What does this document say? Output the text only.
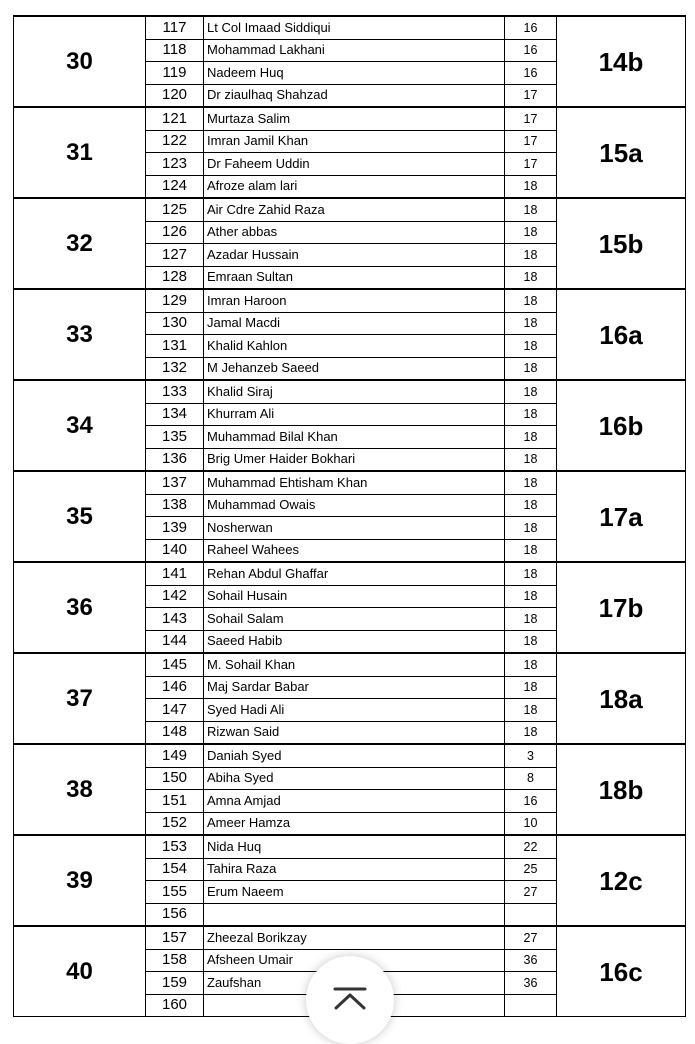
30	117	Lt Col Imaad Siddiqui	16	14b
	118	Mohammad Lakhani	16	
	119	Nadeem Huq	16	
	120	Dr ziaulhaq Shahzad	17	
31	121	Murtaza Salim	17	15a
	122	Imran Jamil Khan	17	
	123	Dr Faheem Uddin	17	
	124	Afroze alam lari	18	
32	125	Air Cdre Zahid Raza	18	15b
	126	Ather abbas	18	
	127	Azadar Hussain	18	
	128	Emraan Sultan	18	
33	129	Imran Haroon	18	16a
	130	Jamal Macdi	18	
	131	Khalid Kahlon	18	
	132	M Jehanzeb Saeed	18	
34	133	Khalid Siraj	18	16b
	134	Khurram Ali	18	
	135	Muhammad Bilal Khan	18	
	136	Brig Umer Haider Bokhari	18	
35	137	Muhammad Ehtisham Khan	18	17a
	138	Muhammad Owais	18	
	139	Nosherwan	18	
	140	Raheel Wahees	18	
36	141	Rehan Abdul Ghaffar	18	17b
	142	Sohail Husain	18	
	143	Sohail Salam	18	
	144	Saeed Habib	18	
37	145	M. Sohail Khan	18	18a
	146	Maj Sardar Babar	18	
	147	Syed Hadi Ali	18	
	148	Rizwan Said	18	
38	149	Daniah Syed	3	18b
	150	Abiha Syed	8	
	151	Amna Amjad	16	
	152	Ameer Hamza	10	
39	153	Nida Huq	22	12c
	154	Tahira Raza	25	
	155	Erum Naeem	27	
	156			
40	157	Zheezal Borikzay	27	16c
	158	Afsheen Umair	36	
	159	Zaufshan	36	
	160			
